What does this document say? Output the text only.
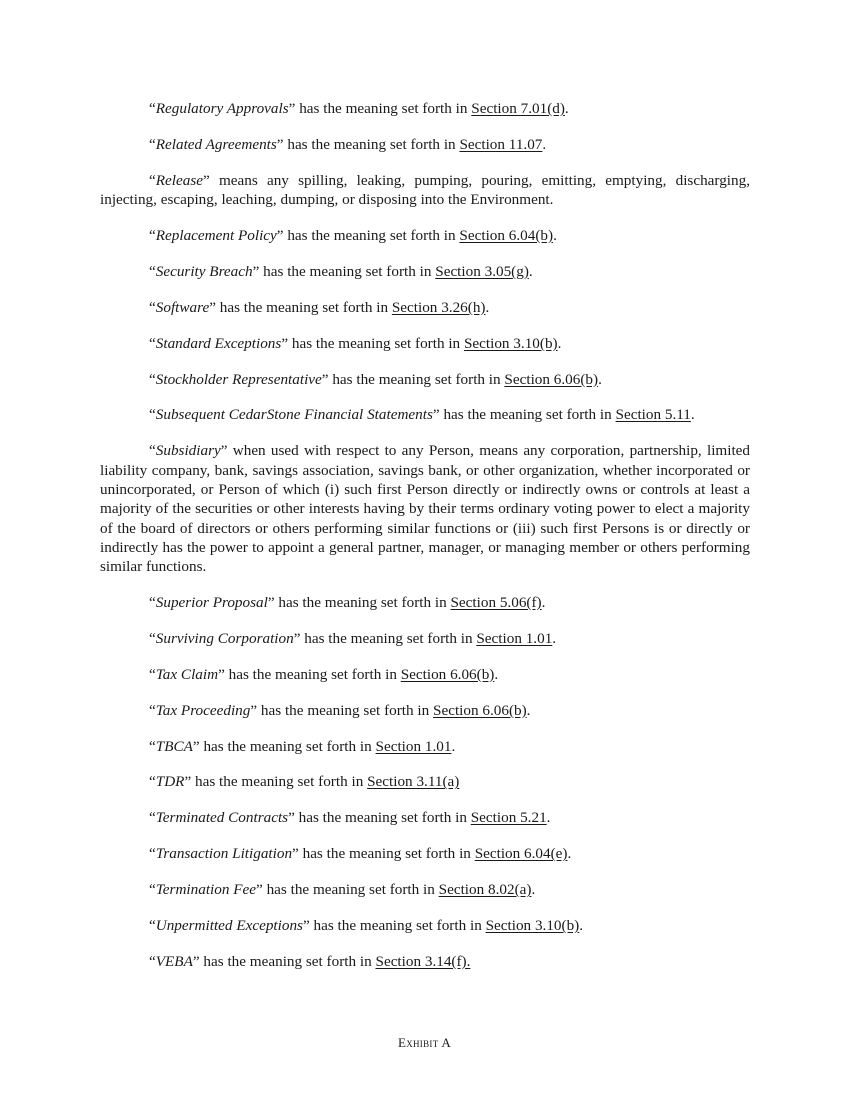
“Regulatory Approvals” has the meaning set forth in Section 7.01(d).

“Related Agreements” has the meaning set forth in Section 11.07.

“Release” means any spilling, leaking, pumping, pouring, emitting, emptying, discharging, injecting, escaping, leaching, dumping, or disposing into the Environment.

“Replacement Policy” has the meaning set forth in Section 6.04(b).

“Security Breach” has the meaning set forth in Section 3.05(g).

“Software” has the meaning set forth in Section 3.26(h).

“Standard Exceptions” has the meaning set forth in Section 3.10(b).

“Stockholder Representative” has the meaning set forth in Section 6.06(b).

“Subsequent CedarStone Financial Statements” has the meaning set forth in Section 5.11.

“Subsidiary” when used with respect to any Person, means any corporation, partnership, limited liability company, bank, savings association, savings bank, or other organization, whether incorporated or unincorporated, or Person of which (i) such first Person directly or indirectly owns or controls at least a majority of the securities or other interests having by their terms ordinary voting power to elect a majority of the board of directors or others performing similar functions or (iii) such first Persons is or directly or indirectly has the power to appoint a general partner, manager, or managing member or others performing similar functions.

“Superior Proposal” has the meaning set forth in Section 5.06(f).

“Surviving Corporation” has the meaning set forth in Section 1.01.

“Tax Claim” has the meaning set forth in Section 6.06(b).

“Tax Proceeding” has the meaning set forth in Section 6.06(b).

“TBCA” has the meaning set forth in Section 1.01.

“TDR” has the meaning set forth in Section 3.11(a)

“Terminated Contracts” has the meaning set forth in Section 5.21.

“Transaction Litigation” has the meaning set forth in Section 6.04(e).

“Termination Fee” has the meaning set forth in Section 8.02(a).

“Unpermitted Exceptions” has the meaning set forth in Section 3.10(b).

“VEBA” has the meaning set forth in Section 3.14(f).

Exhibit A
